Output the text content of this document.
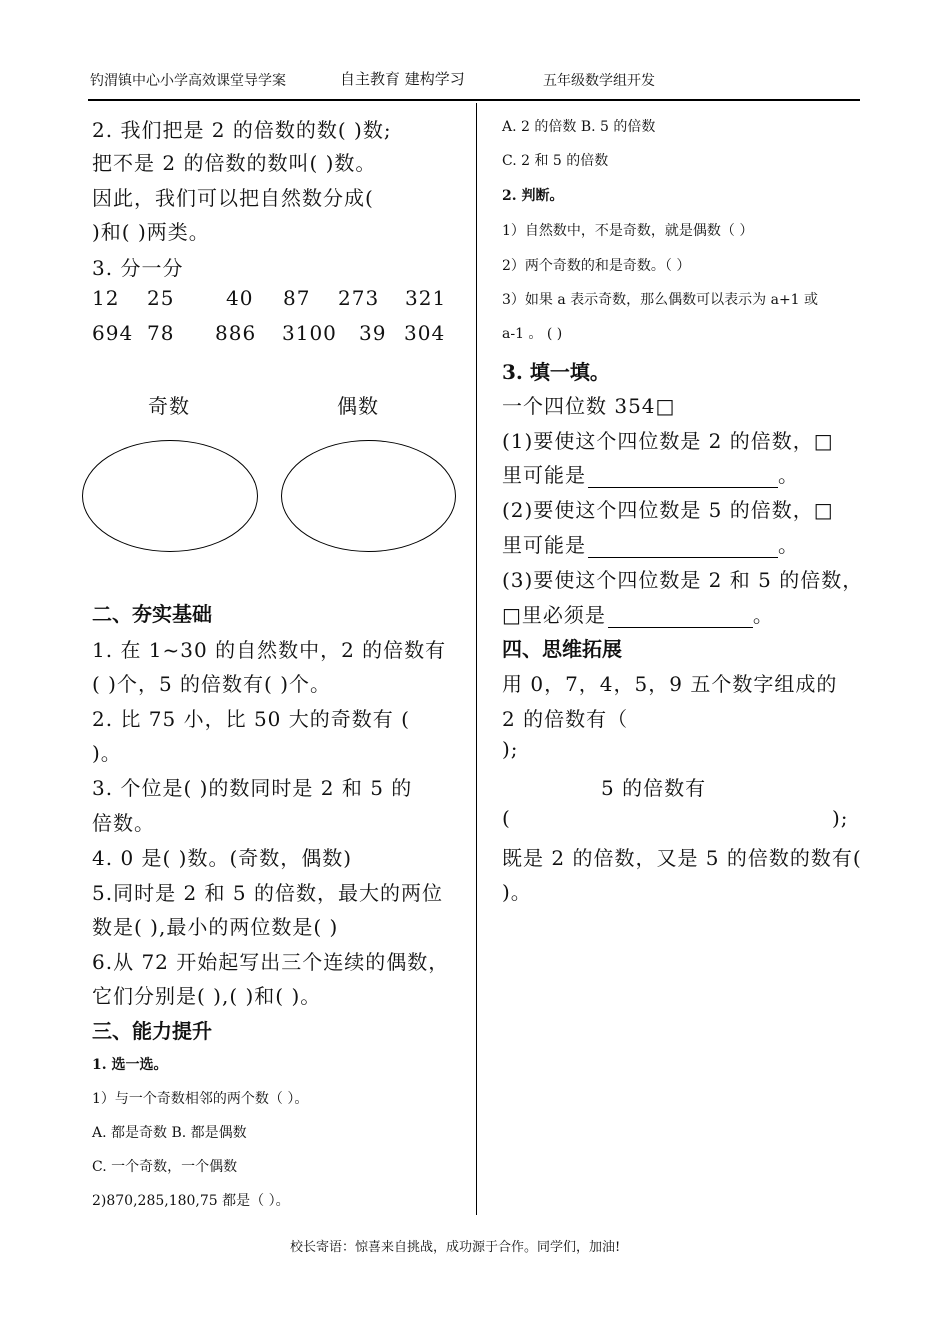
钓渭镇中心小学高效课堂导学案	自主教育 建构学习	五年级数学组开发
2. 我们把是 2 的倍数的数( )数;
把不是 2 的倍数的数叫( )数。
因此，我们可以把自然数分成(
)和( )两类。
3. 分一分
12 25	40 87 273 321
694 78 886 3100 39 304
奇数	偶数
二、夯实基础
1. 在 1~30 的自然数中，2 的倍数有
( )个，5 的倍数有( )个。
2. 比 75 小，比 50 大的奇数有 (
)。
3. 个位是( )的数同时是 2 和 5 的
倍数。
4. 0 是( )数。(奇数，偶数)
5.同时是 2 和 5 的倍数，最大的两位
数是( ),最小的两位数是( )
6.从 72 开始起写出三个连续的偶数，
它们分别是( ),( )和( )。
三、能力提升
1. 选一选。
1）与一个奇数相邻的两个数（ ）。
A. 都是奇数 B. 都是偶数
C. 一个奇数，一个偶数
2)870,285,180,75 都是（ ）。
A. 2 的倍数 B. 5 的倍数
C. 2 和 5 的倍数
2. 判断。
1）自然数中，不是奇数，就是偶数（ ）
2）两个奇数的和是奇数。（ ）
3）如果 a 表示奇数，那么偶数可以表示为 a+1 或
a-1 。 ( )
3. 填一填。
一个四位数 354□
(1)要使这个四位数是 2 的倍数，□
里可能是	。
(2)要使这个四位数是 5 的倍数，□
里可能是	。
(3)要使这个四位数是 2 和 5 的倍数，
□里必须是	。
四、思维拓展
用 0，7，4，5，9 五个数字组成的
2 的倍数有（
);
5 的倍数有
(	);
既是 2 的倍数，又是 5 的倍数的数有(
)。
校长寄语：惊喜来自挑战，成功源于合作。同学们，加油!
